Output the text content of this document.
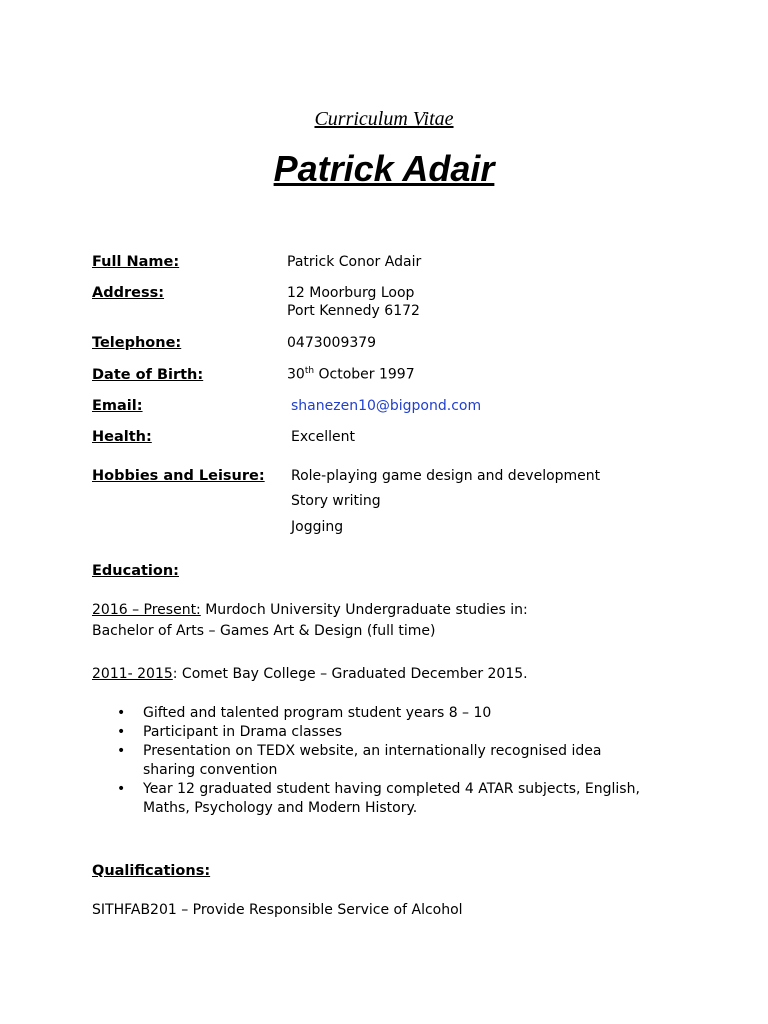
Curriculum Vitae
Patrick Adair
Full Name:	Patrick Conor Adair
Address:	12 Moorburg Loop
Port Kennedy 6172
Telephone:	0473009379
Date of Birth:	30th October 1997
Email:	shanezen10@bigpond.com
Health:	Excellent
Hobbies and Leisure: Role-playing game design and development
Story writing
Jogging
Education:
2016 – Present: Murdoch University Undergraduate studies in:
Bachelor of Arts – Games Art & Design (full time)
2011- 2015: Comet Bay College – Graduated December 2015.
• Gifted and talented program student years 8 – 10
• Participant in Drama classes
• Presentation on TEDX website, an internationally recognised idea sharing convention
• Year 12 graduated student having completed 4 ATAR subjects, English, Maths, Psychology and Modern History.
Qualifications:
SITHFAB201 – Provide Responsible Service of Alcohol
